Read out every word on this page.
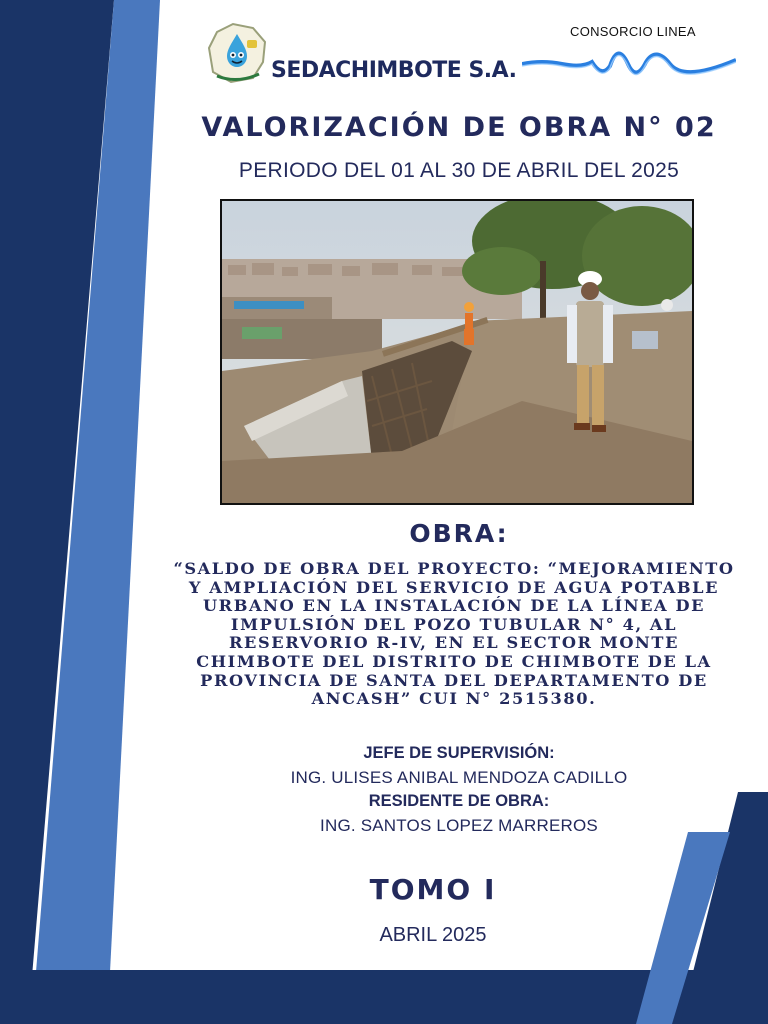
SEDACHIMBOTE S.A.
CONSORCIO LINEA
VALORIZACIÓN DE OBRA N° 02
PERIODO DEL 01 AL 30 DE ABRIL DEL 2025
OBRA:
“SALDO DE OBRA DEL PROYECTO: “MEJORAMIENTO
Y AMPLIACIÓN DEL SERVICIO DE AGUA POTABLE
URBANO EN LA INSTALACIÓN DE LA LÍNEA DE
IMPULSIÓN DEL POZO TUBULAR N° 4, AL
RESERVORIO R-IV, EN EL SECTOR MONTE
CHIMBOTE DEL DISTRITO DE CHIMBOTE DE LA
PROVINCIA DE SANTA DEL DEPARTAMENTO DE
ANCASH” CUI N° 2515380.
JEFE DE SUPERVISIÓN:
ING. ULISES ANIBAL MENDOZA CADILLO
RESIDENTE DE OBRA:
ING. SANTOS LOPEZ MARREROS
TOMO I
ABRIL 2025
